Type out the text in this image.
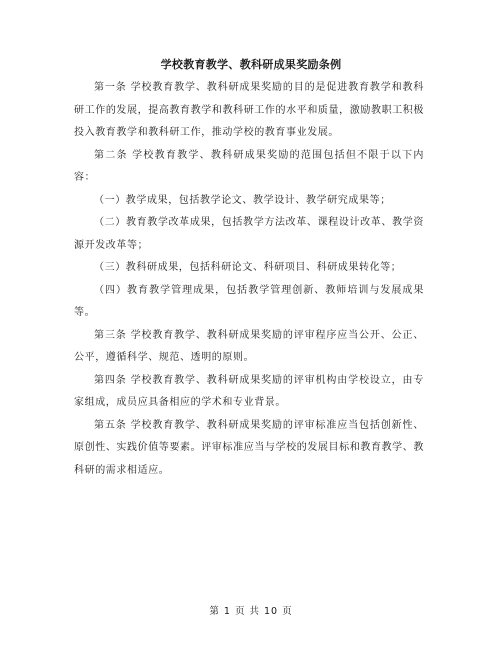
学校教育教学、教科研成果奖励条例

第一条 学校教育教学、教科研成果奖励的目的是促进教育教学和教科研工作的发展，提高教育教学和教科研工作的水平和质量，激励教职工积极投入教育教学和教科研工作，推动学校的教育事业发展。

第二条 学校教育教学、教科研成果奖励的范围包括但不限于以下内容：

（一）教学成果，包括教学论文、教学设计、教学研究成果等；

（二）教育教学改革成果，包括教学方法改革、课程设计改革、教学资源开发改革等；

（三）教科研成果，包括科研论文、科研项目、科研成果转化等；

（四）教育教学管理成果，包括教学管理创新、教师培训与发展成果等。

第三条 学校教育教学、教科研成果奖励的评审程序应当公开、公正、公平，遵循科学、规范、透明的原则。

第四条 学校教育教学、教科研成果奖励的评审机构由学校设立，由专家组成，成员应具备相应的学术和专业背景。

第五条 学校教育教学、教科研成果奖励的评审标准应当包括创新性、原创性、实践价值等要素。评审标准应当与学校的发展目标和教育教学、教科研的需求相适应。

第 1 页 共 10 页
